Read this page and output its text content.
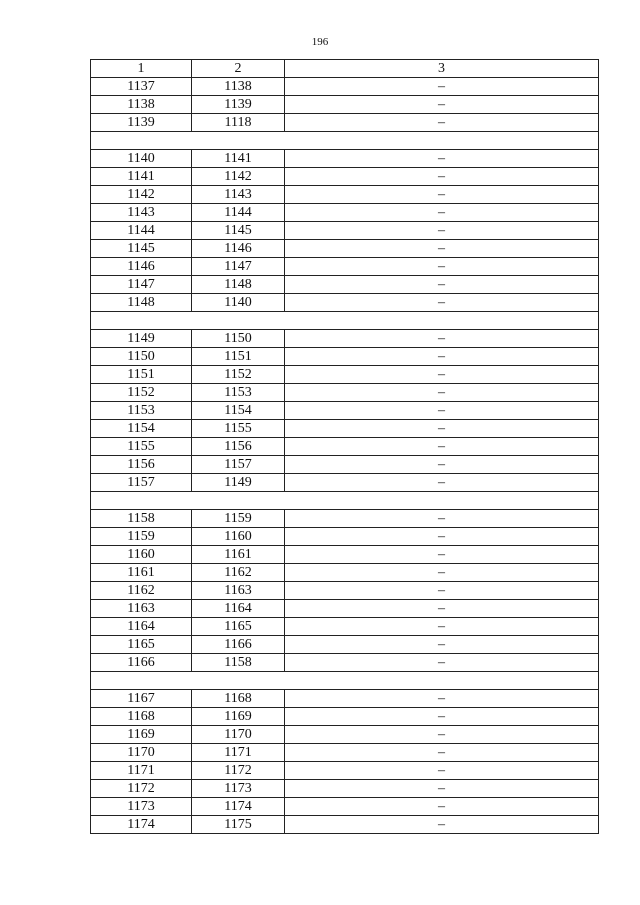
196
1	2	3
1137	1138	–
1138	1139	–
1139	1118	–

1140	1141	–
1141	1142	–
1142	1143	–
1143	1144	–
1144	1145	–
1145	1146	–
1146	1147	–
1147	1148	–
1148	1140	–

1149	1150	–
1150	1151	–
1151	1152	–
1152	1153	–
1153	1154	–
1154	1155	–
1155	1156	–
1156	1157	–
1157	1149	–

1158	1159	–
1159	1160	–
1160	1161	–
1161	1162	–
1162	1163	–
1163	1164	–
1164	1165	–
1165	1166	–
1166	1158	–

1167	1168	–
1168	1169	–
1169	1170	–
1170	1171	–
1171	1172	–
1172	1173	–
1173	1174	–
1174	1175	–
